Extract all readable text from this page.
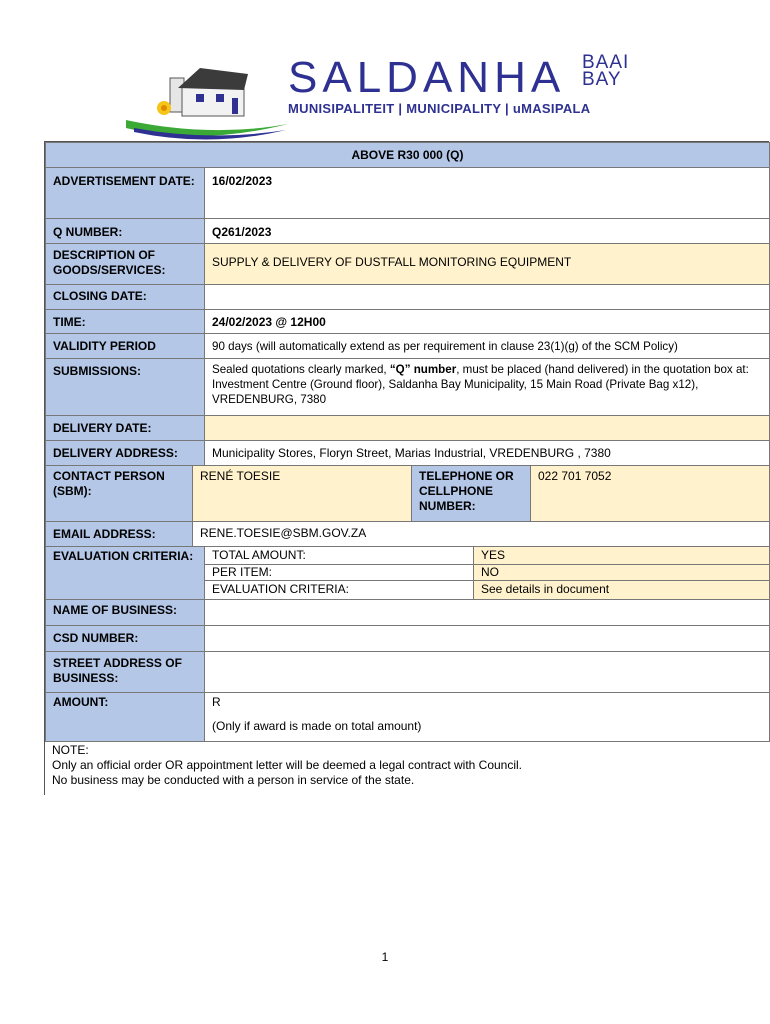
SALDANHA BAAI
BAY
MUNISIPALITEIT | MUNICIPALITY | uMASIPALA
ABOVE R30 000 (Q)
ADVERTISEMENT DATE:	16/02/2023
Q NUMBER:	Q261/2023
DESCRIPTION OF GOODS/SERVICES:
SUPPLY & DELIVERY OF DUSTFALL MONITORING EQUIPMENT
CLOSING DATE:
TIME:	24/02/2023 @ 12H00
VALIDITY PERIOD	90 days (will automatically extend as per requirement in clause 23(1)(g) of the SCM Policy)
SUBMISSIONS:	Sealed quotations clearly marked, “Q” number, must be placed (hand delivered) in the quotation box at: Investment Centre (Ground floor), Saldanha Bay Municipality, 15 Main Road (Private Bag x12), VREDENBURG, 7380
DELIVERY DATE:
DELIVERY ADDRESS:	Municipality Stores, Floryn Street, Marias Industrial, VREDENBURG , 7380
CONTACT PERSON (SBM):
RENÉ TOESIE	TELEPHONE OR CELLPHONE NUMBER:
022 701 7052
EMAIL ADDRESS:	RENE.TOESIE@SBM.GOV.ZA
EVALUATION CRITERIA:	TOTAL AMOUNT:	YES
PER ITEM:	NO
EVALUATION CRITERIA:	See details in document
NAME OF BUSINESS:
CSD NUMBER:
STREET ADDRESS OF BUSINESS:
AMOUNT:	R
(Only if award is made on total amount)
NOTE:
Only an official order OR appointment letter will be deemed a legal contract with Council.
No business may be conducted with a person in service of the state.
1
